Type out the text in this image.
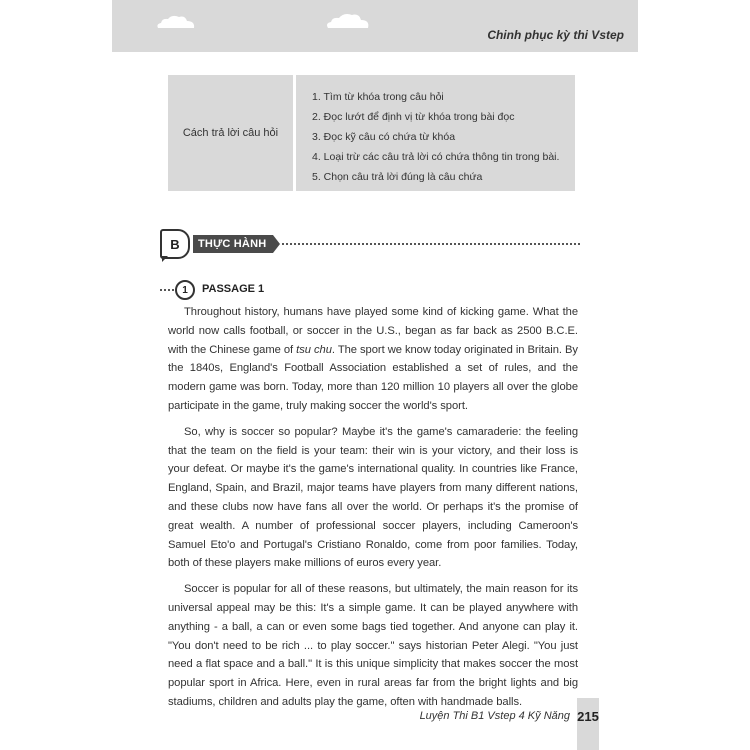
Chinh phục kỳ thi Vstep
Cách trả lời câu hỏi
1. Tìm từ khóa trong câu hỏi
2. Đọc lướt để định vị từ khóa trong bài đọc
3. Đọc kỹ câu có chứa từ khóa
4. Loại trừ các câu trả lời có chứa thông tin trong bài.
5. Chọn câu trả lời đúng là câu chứa
B	THỰC HÀNH
1	PASSAGE 1

Throughout history, humans have played some kind of kicking game. What the world now calls football, or soccer in the U.S., began as far back as 2500 B.C.E. with the Chinese game of tsu chu. The sport we know today originated in Britain. By the 1840s, England's Football Association established a set of rules, and the modern game was born. Today, more than 120 million 10 players all over the globe participate in the game, truly making soccer the world's sport.

So, why is soccer so popular? Maybe it's the game's camaraderie: the feeling that the team on the field is your team: their win is your victory, and their loss is your defeat. Or maybe it's the game's international quality. In countries like France, England, Spain, and Brazil, major teams have players from many different nations, and these clubs now have fans all over the world. Or perhaps it's the promise of great wealth. A number of professional soccer players, including Cameroon's Samuel Eto'o and Portugal's Cristiano Ronaldo, come from poor families. Today, both of these players make millions of euros every year.

Soccer is popular for all of these reasons, but ultimately, the main reason for its universal appeal may be this: It's a simple game. It can be played anywhere with anything - a ball, a can or even some bags tied together. And anyone can play it. "You don't need to be rich ... to play soccer." says historian Peter Alegi. "You just need a flat space and a ball." It is this unique simplicity that makes soccer the most popular sport in Africa. Here, even in rural areas far from the bright lights and big stadiums, children and adults play the game, often with handmade balls.

Luyện Thi B1 Vstep 4 Kỹ Năng 215
